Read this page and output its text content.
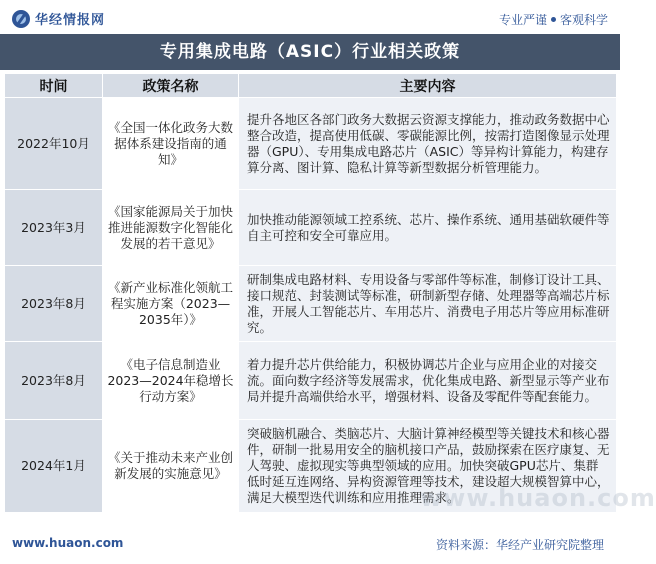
华经情报网	专业严谨 客观科学
专用集成电路（ASIC）行业相关政策
时间	政策名称	主要内容
2022年10月	《全国一体化政务大数据体系建设指南的通知》	提升各地区各部门政务大数据云资源支撑能力，推动政务数据中心整合改造，提高使用低碳、零碳能源比例，按需打造图像显示处理器（GPU）、专用集成电路芯片（ASIC）等异构计算能力，构建存算分离、图计算、隐私计算等新型数据分析管理能力。
2023年3月	《国家能源局关于加快推进能源数字化智能化发展的若干意见》	加快推动能源领域工控系统、芯片、操作系统、通用基础软硬件等自主可控和安全可靠应用。
2023年8月	《新产业标准化领航工程实施方案（2023—2035年）》	研制集成电路材料、专用设备与零部件等标准，制修订设计工具、接口规范、封装测试等标准，研制新型存储、处理器等高端芯片标准，开展人工智能芯片、车用芯片、消费电子用芯片等应用标准研究。
2023年8月	《电子信息制造业2023—2024年稳增长行动方案》	着力提升芯片供给能力，积极协调芯片企业与应用企业的对接交流。面向数字经济等发展需求，优化集成电路、新型显示等产业布局并提升高端供给水平，增强材料、设备及零配件等配套能力。
2024年1月	《关于推动未来产业创新发展的实施意见》	突破脑机融合、类脑芯片、大脑计算神经模型等关键技术和核心器件，研制一批易用安全的脑机接口产品，鼓励探索在医疗康复、无人驾驶、虚拟现实等典型领域的应用。加快突破GPU芯片、集群低时延互连网络、异构资源管理等技术，建设超大规模智算中心，满足大模型迭代训练和应用推理需求。
www.huaon.com
www.huaon.com	资料来源：华经产业研究院整理
